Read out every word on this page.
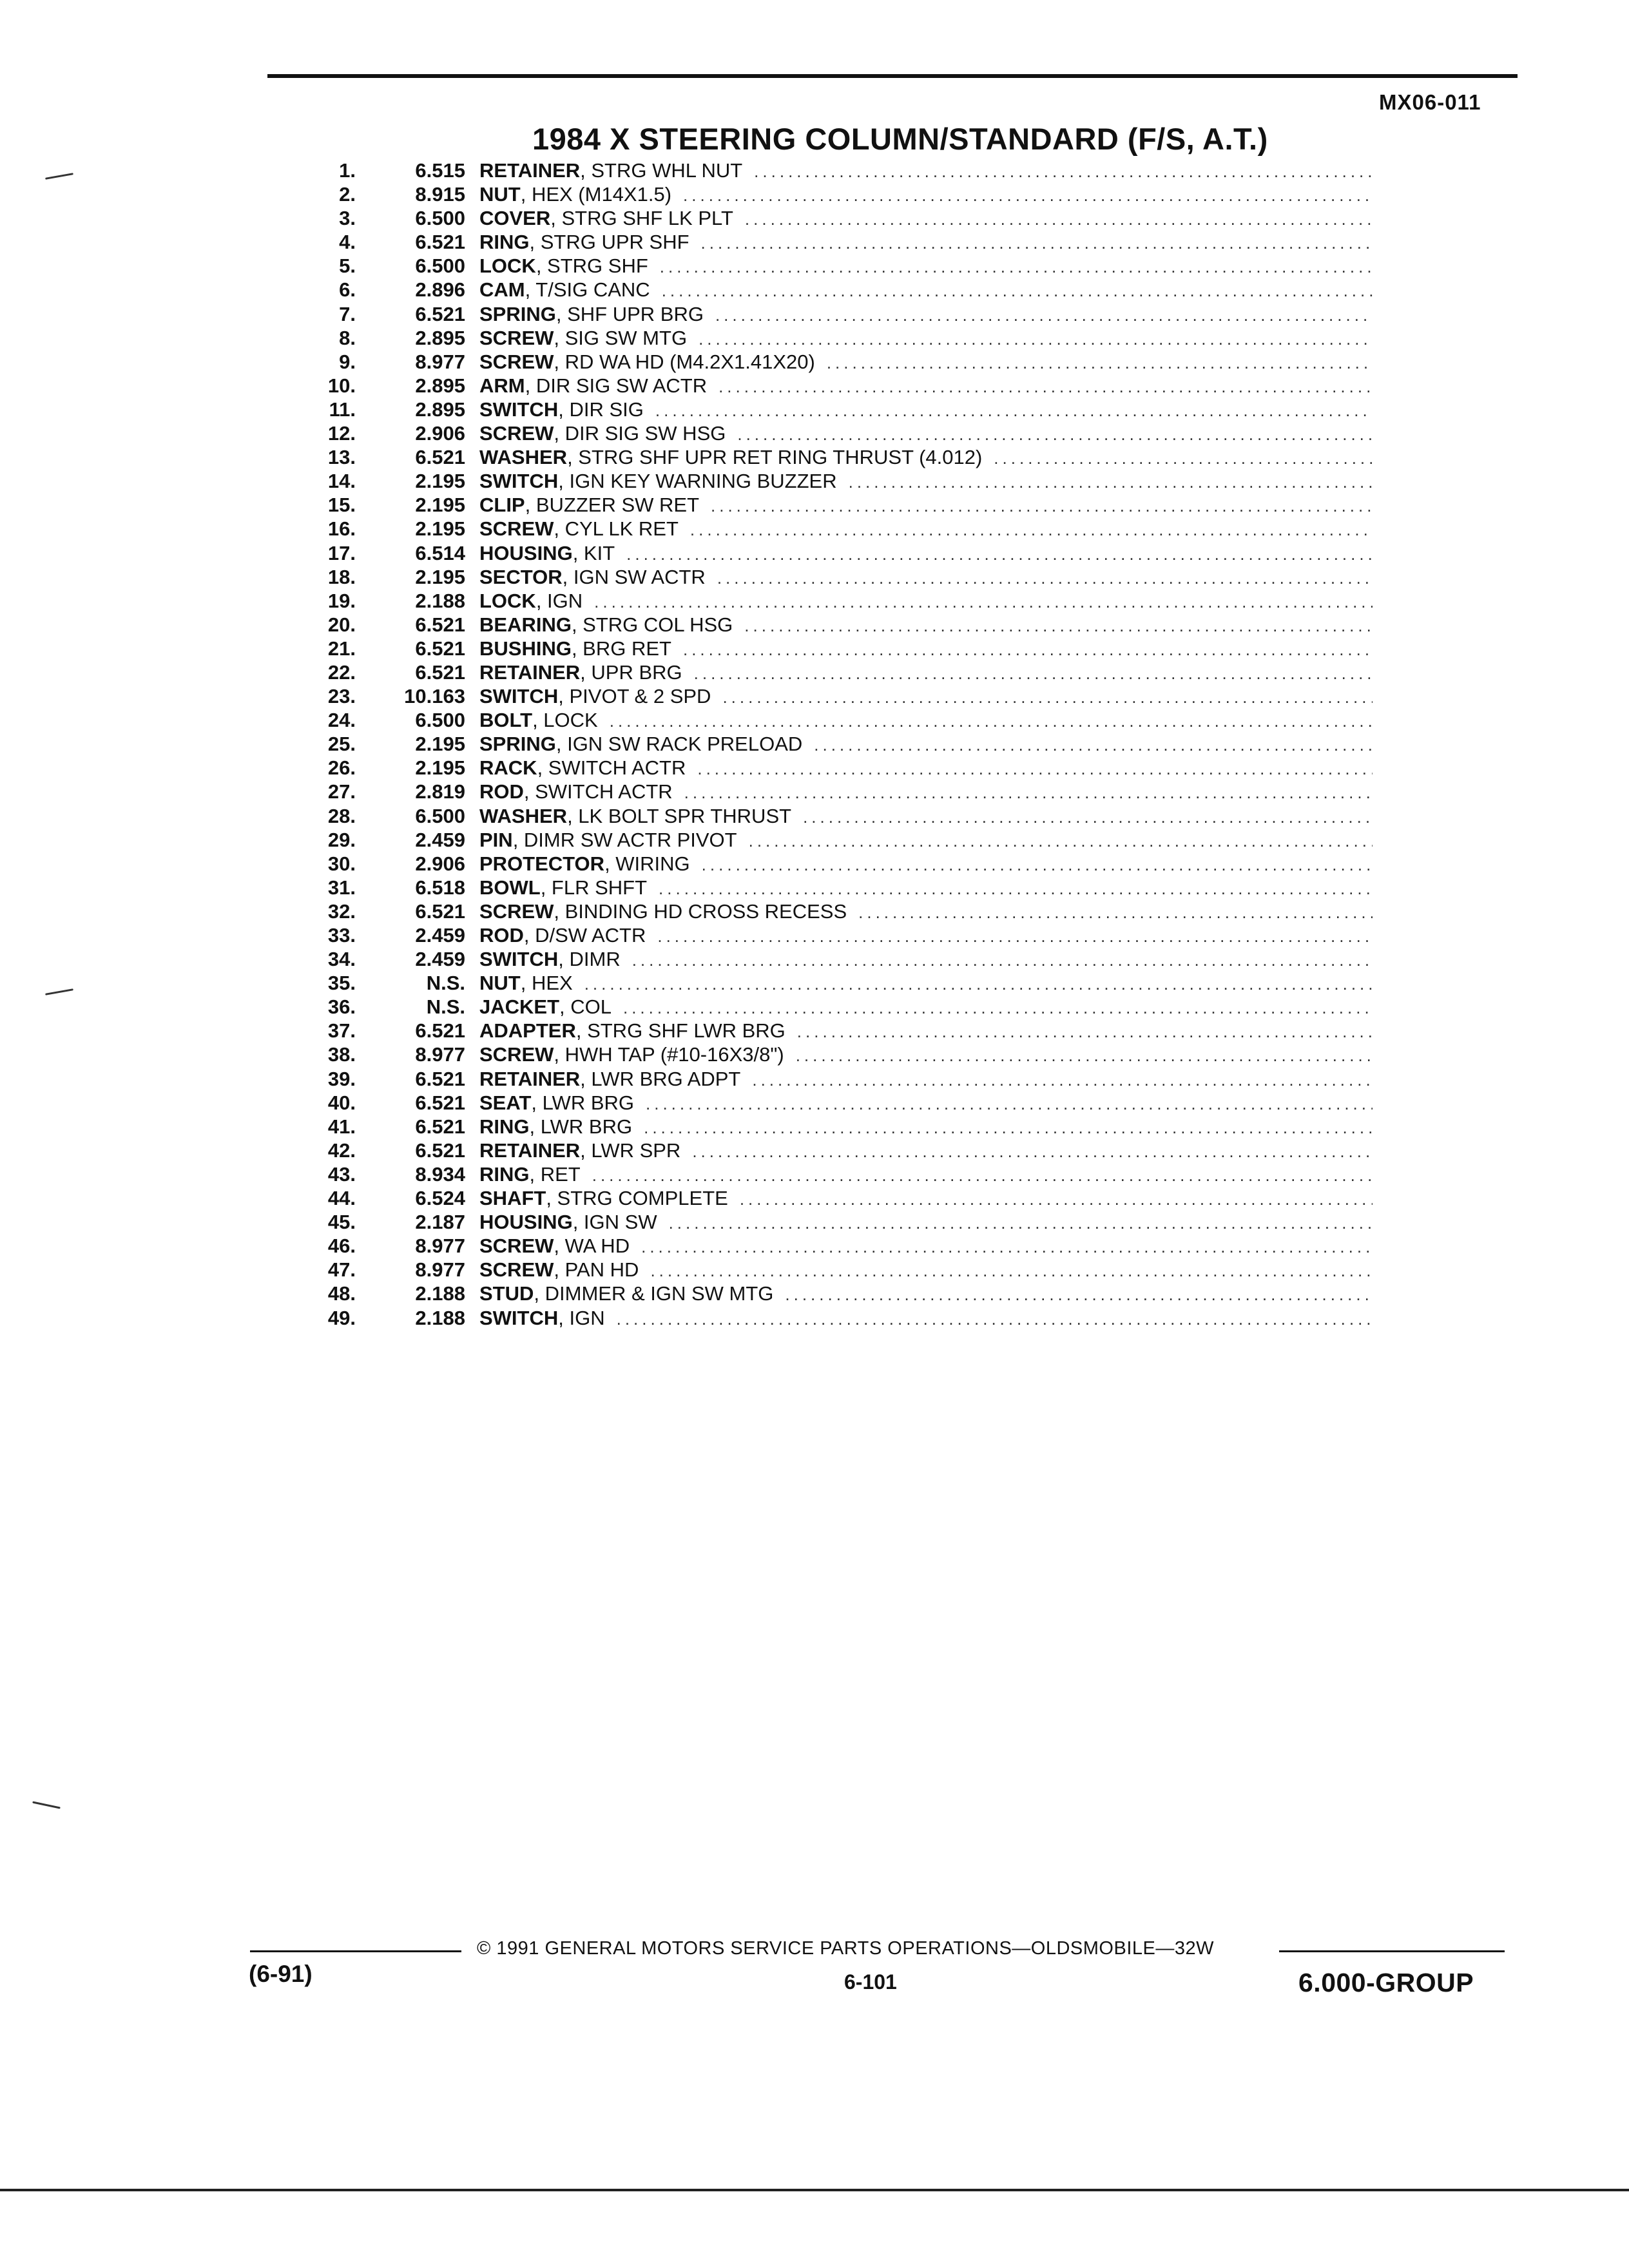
MX06-011
1984 X STEERING COLUMN/STANDARD (F/S, A.T.)
1.	6.515 RETAINER , STRG WHL NUT
.....
2.	8.915 NUT , HEX (M14X1.5)
.....
3.	6.500 COVER , STRG SHF LK PLT
.....
4.	6.521 RING , STRG UPR SHF
.....
5.	6.500 LOCK , STRG SHF
.....
6.	2.896 CAM , T/SIG CANC
.....
7.	6.521 SPRING , SHF UPR BRG
.....
8.	2.895 SCREW , SIG SW MTG
.....
9.	8.977 SCREW , RD WA HD (M4.2X1.41X20)
.....
10.	2.895 ARM , DIR SIG SW ACTR
.....
11.	2.895 SWITCH , DIR SIG
.....
12.	2.906 SCREW , DIR SIG SW HSG
.....
13.	6.521 WASHER , STRG SHF UPR RET RING THRUST (4.012)
.....
14.	2.195 SWITCH , IGN KEY WARNING BUZZER
.....
15.	2.195 CLIP , BUZZER SW RET
.....
16.	2.195 SCREW , CYL LK RET
.....
17.	6.514 HOUSING , KIT
.....
18.	2.195 SECTOR , IGN SW ACTR
.....
19.	2.188 LOCK , IGN
.....
20.	6.521 BEARING , STRG COL HSG
.....
21.	6.521 BUSHING , BRG RET
.....
22.	6.521 RETAINER , UPR BRG
.....
23.	10.163 SWITCH , PIVOT & 2 SPD
.....
24.	6.500 BOLT , LOCK
.....
25.	2.195 SPRING , IGN SW RACK PRELOAD
.....
26.	2.195 RACK , SWITCH ACTR
.....
27.	2.819 ROD , SWITCH ACTR
.....
28.	6.500 WASHER , LK BOLT SPR THRUST
.....
29.	2.459 PIN , DIMR SW ACTR PIVOT
.....
30.	2.906 PROTECTOR , WIRING
.....
31.	6.518 BOWL , FLR SHFT
.....
32.	6.521 SCREW , BINDING HD CROSS RECESS
.....
33.	2.459 ROD , D/SW ACTR
.....
34.	2.459 SWITCH , DIMR
.....
35.	N.S. NUT , HEX
.....
36.	N.S. JACKET , COL
.....
37.	6.521 ADAPTER , STRG SHF LWR BRG
.....
38.	8.977 SCREW , HWH TAP (#10-16X3/8")
.....
39.	6.521 RETAINER , LWR BRG ADPT
.....
40.	6.521 SEAT , LWR BRG
.....
41.	6.521 RING , LWR BRG
.....
42.	6.521 RETAINER , LWR SPR
.....
43.	8.934 RING , RET
.....
44.	6.524 SHAFT , STRG COMPLETE
.....
45.	2.187 HOUSING , IGN SW
.....
46.	8.977 SCREW , WA HD
.....
47.	8.977 SCREW , PAN HD
.....
48.	2.188 STUD , DIMMER & IGN SW MTG
.....
49.	2.188 SWITCH , IGN
.....
© 1991 GENERAL MOTORS SERVICE PARTS OPERATIONS—OLDSMOBILE—32W
(6-91)	6-101	6.000-GROUP
